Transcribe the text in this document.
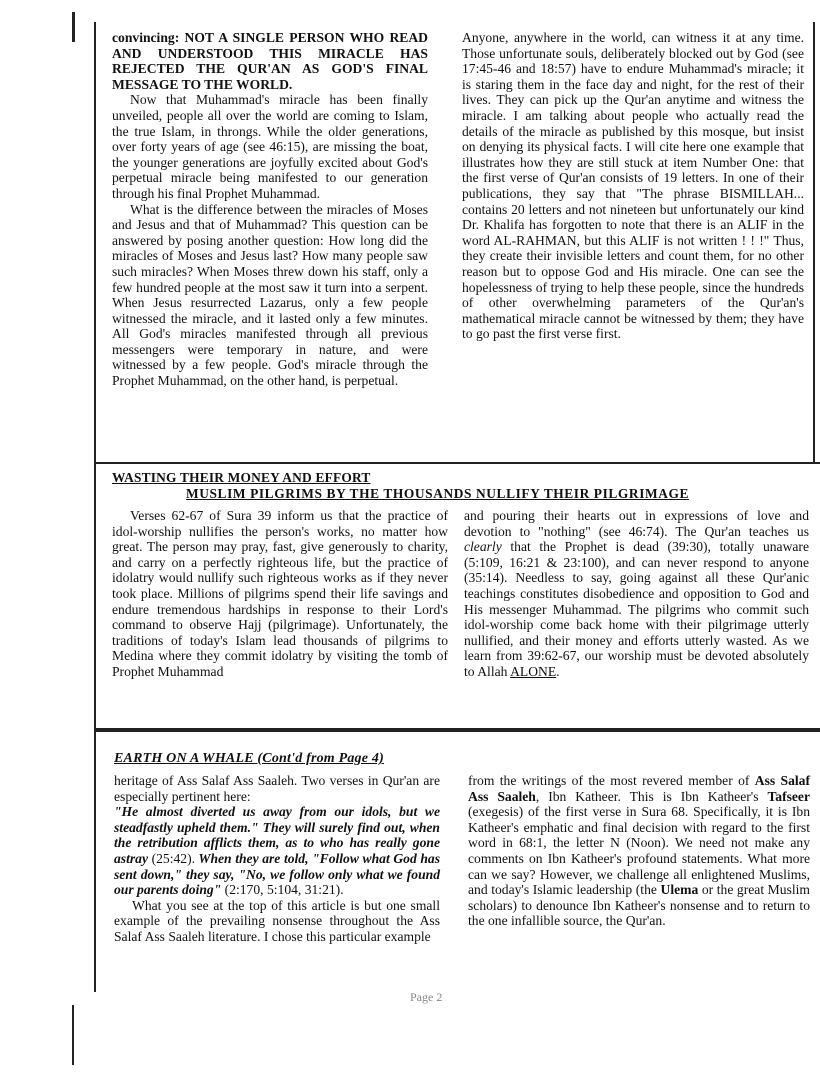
convincing: NOT A SINGLE PERSON WHO READ AND UNDERSTOOD THIS MIRACLE HAS REJECTED THE QUR'AN AS GOD'S FINAL MESSAGE TO THE WORLD.

Now that Muhammad's miracle has been finally unveiled, people all over the world are coming to Islam, the true Islam, in throngs. While the older generations, over forty years of age (see 46:15), are missing the boat, the younger generations are joyfully excited about God's perpetual miracle being manifested to our generation through his final Prophet Muhammad.

What is the difference between the miracles of Moses and Jesus and that of Muhammad? This question can be answered by posing another question: How long did the miracles of Moses and Jesus last? How many people saw such miracles? When Moses threw down his staff, only a few hundred people at the most saw it turn into a serpent. When Jesus resurrected Lazarus, only a few people witnessed the miracle, and it lasted only a few minutes. All God's miracles manifested through all previous messengers were temporary in nature, and were witnessed by a few people. God's miracle through the Prophet Muhammad, on the other hand, is perpetual.

Anyone, anywhere in the world, can witness it at any time. Those unfortunate souls, deliberately blocked out by God (see 17:45-46 and 18:57) have to endure Muhammad's miracle; it is staring them in the face day and night, for the rest of their lives. They can pick up the Qur'an anytime and witness the miracle. I am talking about people who actually read the details of the miracle as published by this mosque, but insist on denying its physical facts. I will cite here one example that illustrates how they are still stuck at item Number One: that the first verse of Qur'an consists of 19 letters. In one of their publications, they say that "The phrase BISMILLAH... contains 20 letters and not nineteen but unfortunately our kind Dr. Khalifa has forgotten to note that there is an ALIF in the word AL-RAHMAN, but this ALIF is not written ! ! !" Thus, they create their invisible letters and count them, for no other reason but to oppose God and His miracle. One can see the hopelessness of trying to help these people, since the hundreds of other overwhelming parameters of the Qur'an's mathematical miracle cannot be witnessed by them; they have to go past the first verse first.

WASTING THEIR MONEY AND EFFORT
MUSLIM PILGRIMS BY THE THOUSANDS NULLIFY THEIR PILGRIMAGE

Verses 62-67 of Sura 39 inform us that the practice of idol-worship nullifies the person's works, no matter how great. The person may pray, fast, give generously to charity, and carry on a perfectly righteous life, but the practice of idolatry would nullify such righteous works as if they never took place. Millions of pilgrims spend their life savings and endure tremendous hardships in response to their Lord's command to observe Hajj (pilgrimage). Unfortunately, the traditions of today's Islam lead thousands of pilgrims to Medina where they commit idolatry by visiting the tomb of Prophet Muhammad

and pouring their hearts out in expressions of love and devotion to "nothing" (see 46:74). The Qur'an teaches us clearly that the Prophet is dead (39:30), totally unaware (5:109, 16:21 & 23:100), and can never respond to anyone (35:14). Needless to say, going against all these Qur'anic teachings constitutes disobedience and opposition to God and His messenger Muhammad. The pilgrims who commit such idol-worship come back home with their pilgrimage utterly nullified, and their money and efforts utterly wasted. As we learn from 39:62-67, our worship must be devoted absolutely to Allah ALONE.

EARTH ON A WHALE (Cont'd from Page 4)

heritage of Ass Salaf Ass Saaleh. Two verses in Qur'an are especially pertinent here:

"He almost diverted us away from our idols, but we steadfastly upheld them." They will surely find out, when the retribution afflicts them, as to who has really gone astray (25:42). When they are told, "Follow what God has sent down," they say, "No, we follow only what we found our parents doing" (2:170, 5:104, 31:21).

What you see at the top of this article is but one small example of the prevailing nonsense throughout the Ass Salaf Ass Saaleh literature. I chose this particular example

from the writings of the most revered member of Ass Salaf Ass Saaleh, Ibn Katheer. This is Ibn Katheer's Tafseer (exegesis) of the first verse in Sura 68. Specifically, it is Ibn Katheer's emphatic and final decision with regard to the first word in 68:1, the letter N (Noon). We need not make any comments on Ibn Katheer's profound statements. What more can we say? However, we challenge all enlightened Muslims, and today's Islamic leadership (the Ulema or the great Muslim scholars) to denounce Ibn Katheer's nonsense and to return to the one infallible source, the Qur'an.

Page 2
